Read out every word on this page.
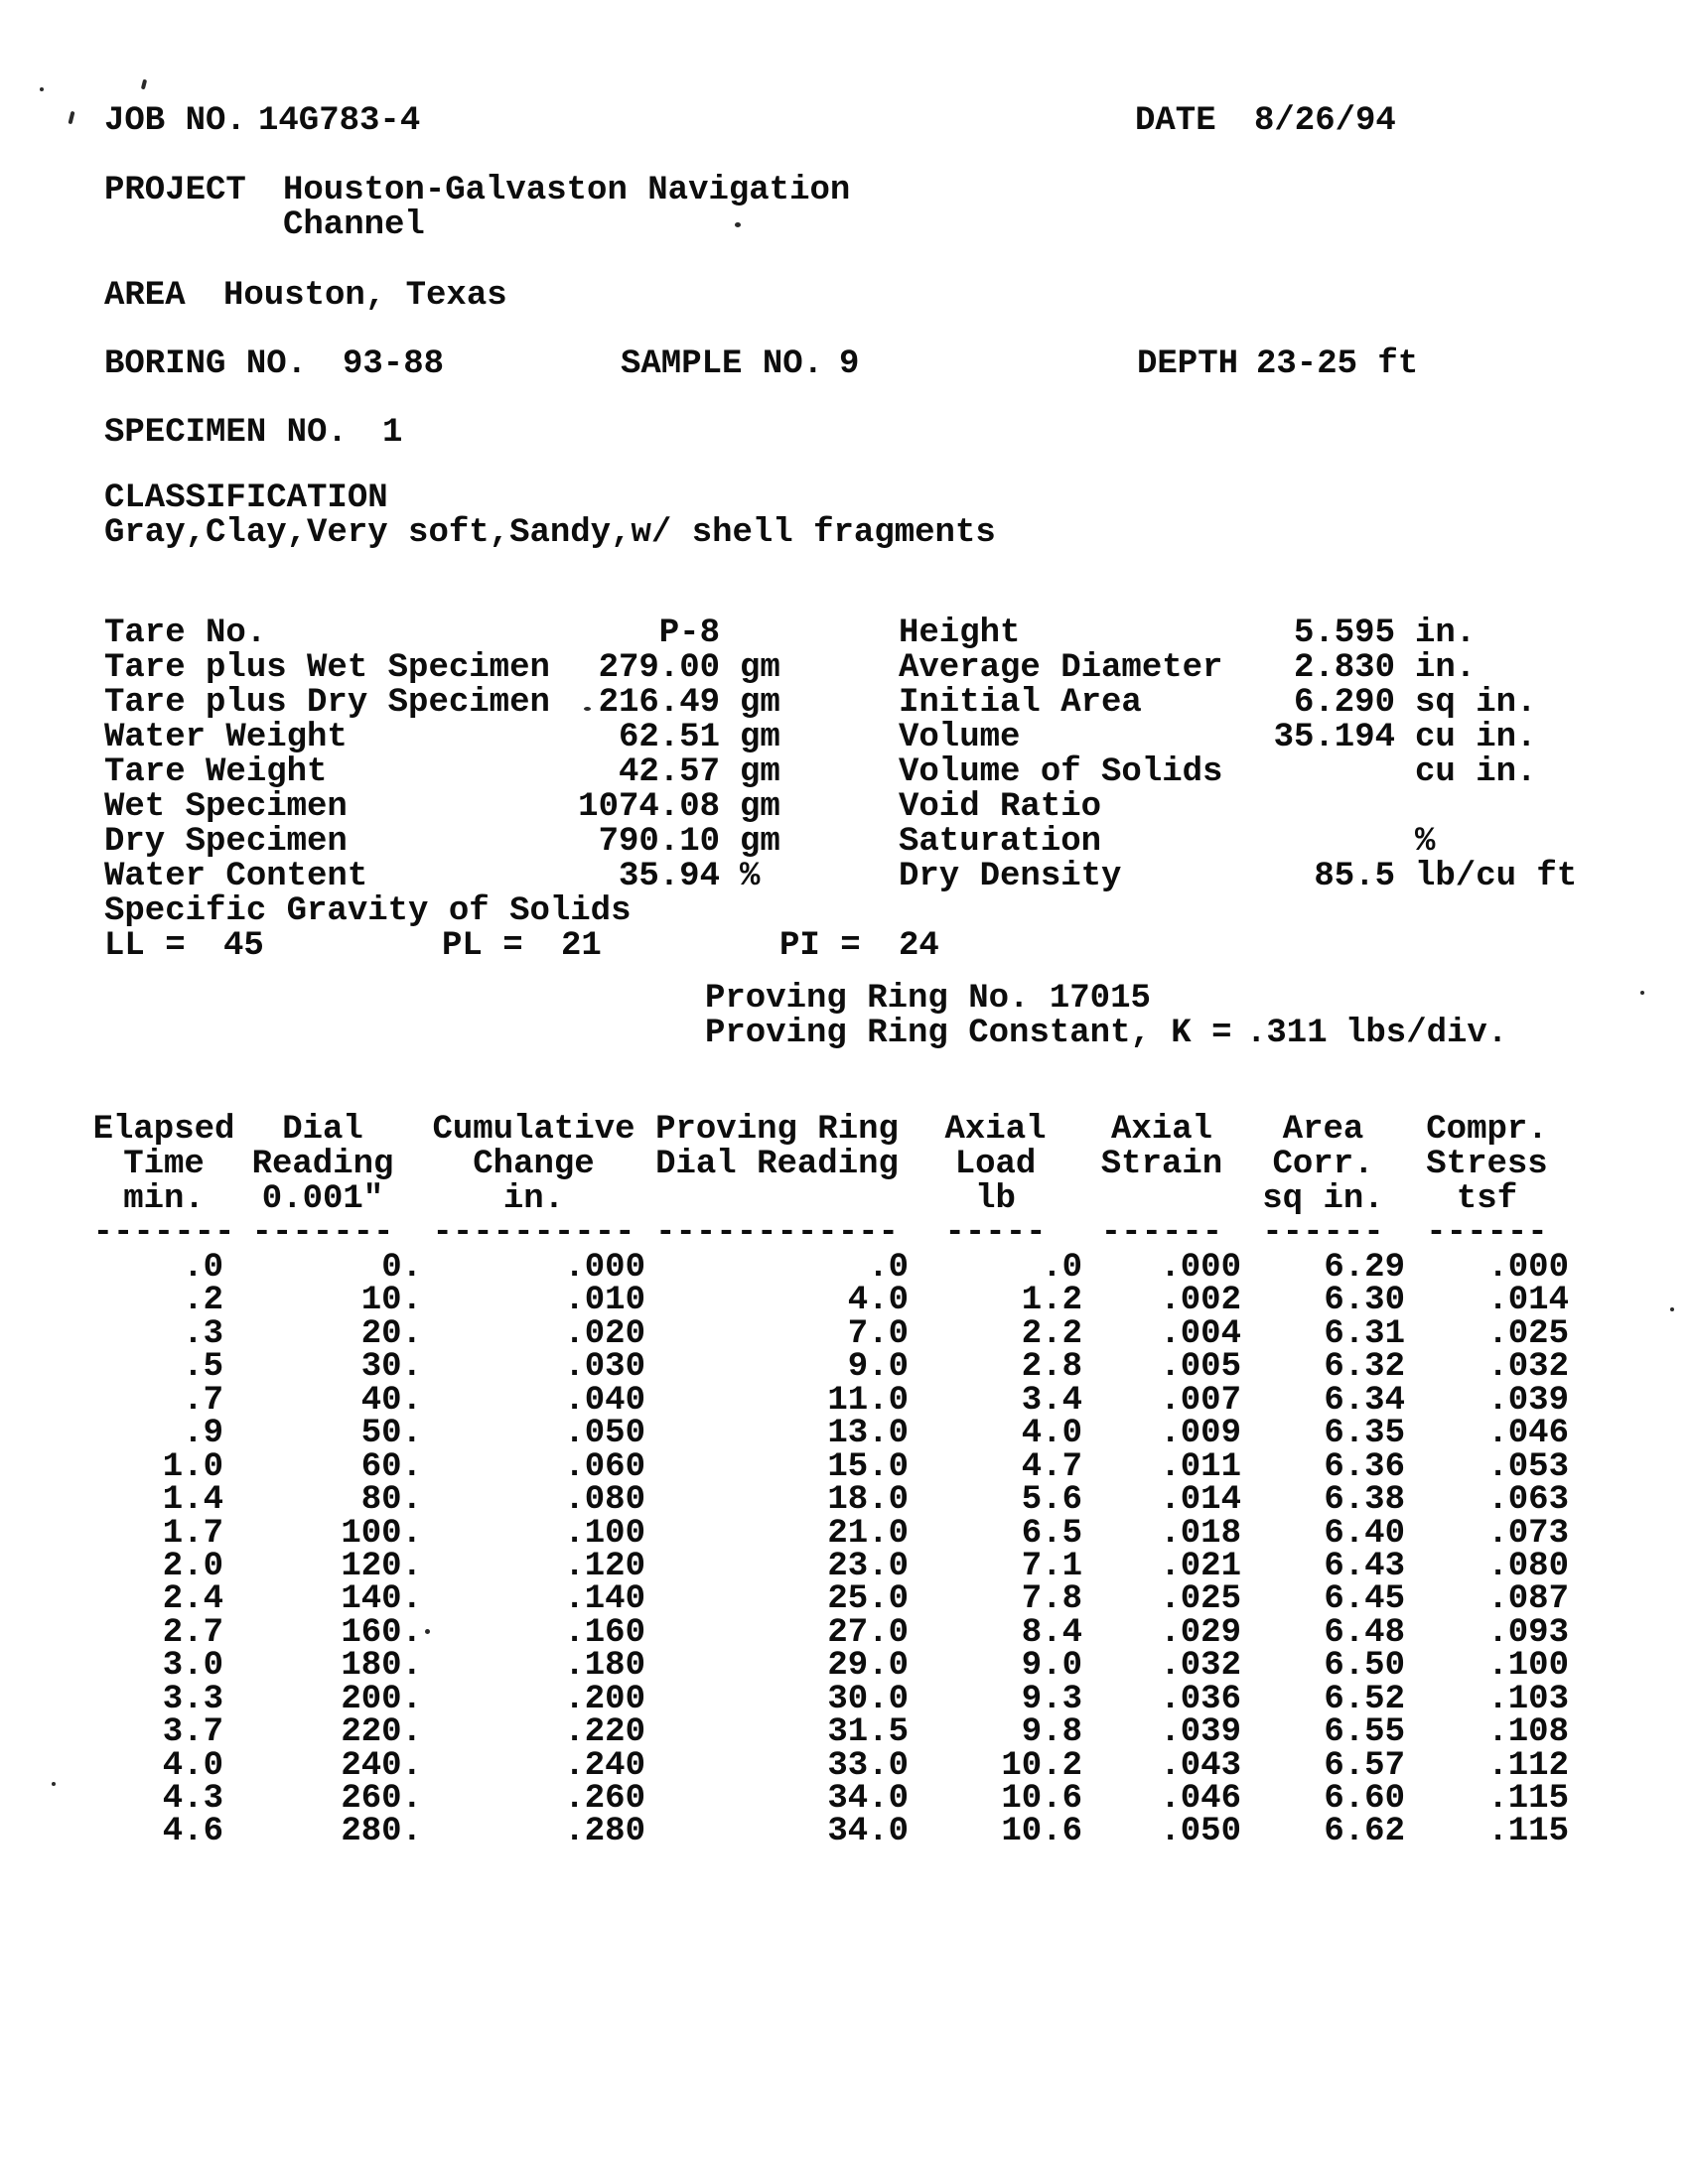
JOB NO.

14G783-4

	DATE

8/26/94

PROJECT

Houston-Galvaston Navigation

Channel

AREA

Houston, Texas

BORING NO.

93-88

	SAMPLE NO.

9

	DEPTH

23-25 ft

SPECIMEN NO.

1

CLASSIFICATION

Gray,Clay,Very soft,Sandy,w/ shell fragments

Tare No.	P-8
Tare plus Wet Specimen	279.00 gm
Tare plus Dry Specimen	216.49 gm
Water Weight	62.51 gm
Tare Weight	42.57 gm
Wet Specimen	1074.08 gm
Dry Specimen	790.10 gm
Water Content	35.94 %
Specific Gravity of Solids
Height	5.595 in.
Average Diameter	2.830 in.
Initial Area	6.290 sq in.
Volume	35.194 cu in.
Volume of Solids	cu in.
Void Ratio
Saturation	%
Dry Density	85.5 lb/cu ft

LL =

45

	PL =

21

	PI =

24

Proving Ring No. 17015

Proving Ring Constant, K =

.311

lbs/div.

Elapsed
Time
min.
Dial
Reading
0.001"
Cumulative
Change
in.
Proving Ring
Dial Reading
Axial
Load
lb
Axial
Strain
Area
Corr.
sq in.
Compr.
Stress
tsf
------- ------- ---------- ------------ ----- ------ ------ ------
.0	0.	.000	.0	.0	.000	6.29	.000
.2	10.	.010	4.0	1.2	.002	6.30	.014
.3	20.	.020	7.0	2.2	.004	6.31	.025
.5	30.	.030	9.0	2.8	.005	6.32	.032
.7	40.	.040	11.0	3.4	.007	6.34	.039
.9	50.	.050	13.0	4.0	.009	6.35	.046
1.0	60.	.060	15.0	4.7	.011	6.36	.053
1.4	80.	.080	18.0	5.6	.014	6.38	.063
1.7	100.	.100	21.0	6.5	.018	6.40	.073
2.0	120.	.120	23.0	7.1	.021	6.43	.080
2.4	140.	.140	25.0	7.8	.025	6.45	.087
2.7	160.	.160	27.0	8.4	.029	6.48	.093
3.0	180.	.180	29.0	9.0	.032	6.50	.100
3.3	200.	.200	30.0	9.3	.036	6.52	.103
3.7	220.	.220	31.5	9.8	.039	6.55	.108
4.0	240.	.240	33.0	10.2	.043	6.57	.112
4.3	260.	.260	34.0	10.6	.046	6.60	.115
4.6	280.	.280	34.0	10.6	.050	6.62	.115
